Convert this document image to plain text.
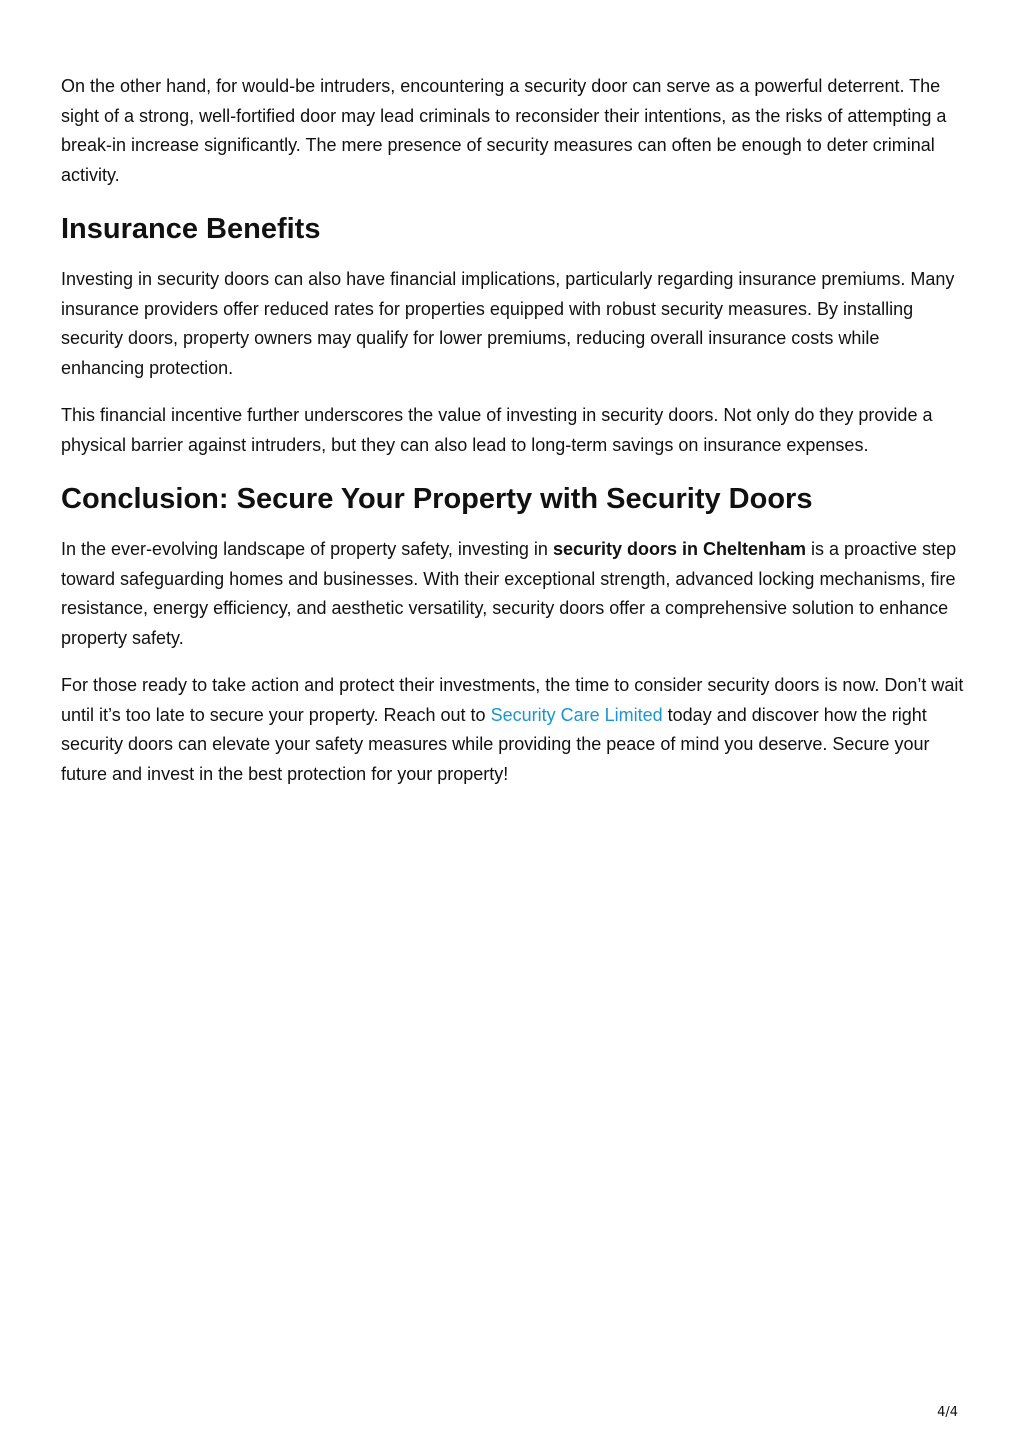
On the other hand, for would-be intruders, encountering a security door can serve as a powerful deterrent. The sight of a strong, well-fortified door may lead criminals to reconsider their intentions, as the risks of attempting a break-in increase significantly. The mere presence of security measures can often be enough to deter criminal activity.

Insurance Benefits

Investing in security doors can also have financial implications, particularly regarding insurance premiums. Many insurance providers offer reduced rates for properties equipped with robust security measures. By installing security doors, property owners may qualify for lower premiums, reducing overall insurance costs while enhancing protection.

This financial incentive further underscores the value of investing in security doors. Not only do they provide a physical barrier against intruders, but they can also lead to long-term savings on insurance expenses.

Conclusion: Secure Your Property with Security Doors

In the ever-evolving landscape of property safety, investing in security doors in Cheltenham is a proactive step toward safeguarding homes and businesses. With their exceptional strength, advanced locking mechanisms, fire resistance, energy efficiency, and aesthetic versatility, security doors offer a comprehensive solution to enhance property safety.

For those ready to take action and protect their investments, the time to consider security doors is now. Don’t wait until it’s too late to secure your property. Reach out to Security Care Limited today and discover how the right security doors can elevate your safety measures while providing the peace of mind you deserve. Secure your future and invest in the best protection for your property!

4/4
